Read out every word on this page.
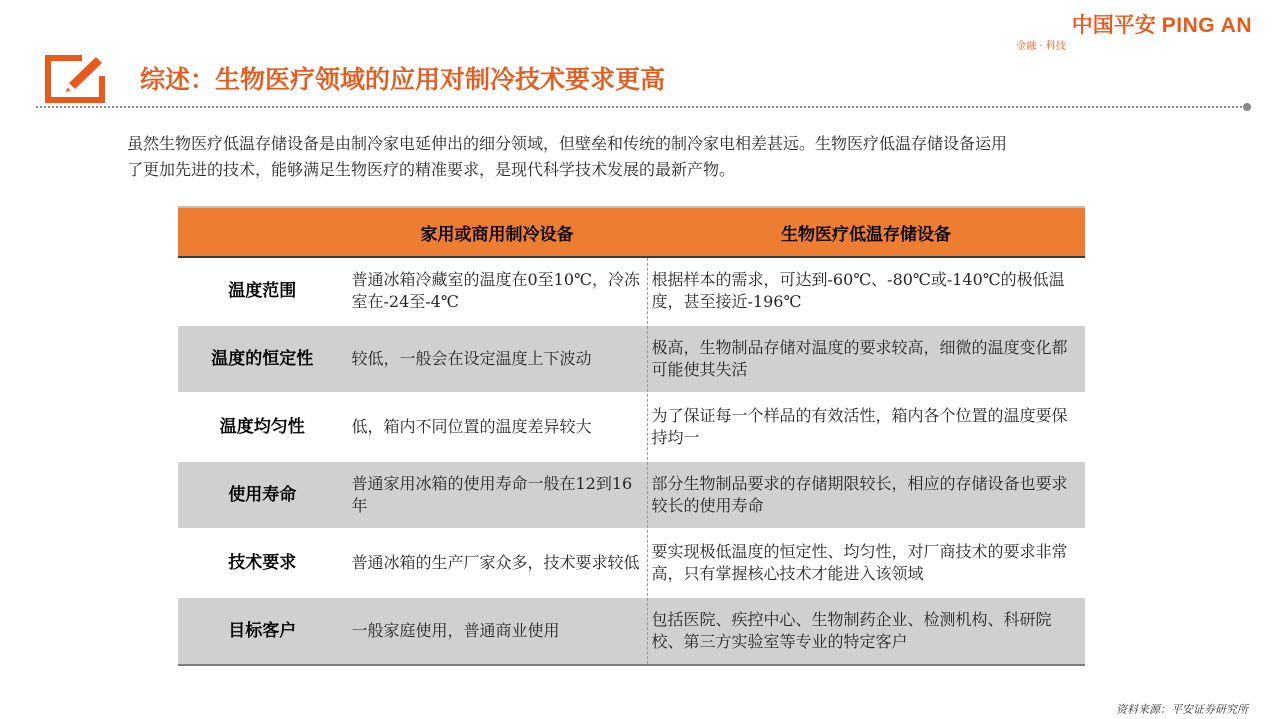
中国平安 PING AN
金融 · 科技
综述：生物医疗领域的应用对制冷技术要求更高

虽然生物医疗低温存储设备是由制冷家电延伸出的细分领域，但壁垒和传统的制冷家电相差甚远。生物医疗低温存储设备运用

了更加先进的技术，能够满足生物医疗的精准要求，是现代科学技术发展的最新产物。

	家用或商用制冷设备	生物医疗低温存储设备
温度范围	普通冰箱冷藏室的温度在0至10℃，冷冻室在-24至-4℃	根据样本的需求，可达到-60℃、-80℃或-140℃的极低温度，甚至接近-196℃
温度的恒定性	较低，一般会在设定温度上下波动	极高，生物制品存储对温度的要求较高，细微的温度变化都可能使其失活
温度均匀性	低，箱内不同位置的温度差异较大	为了保证每一个样品的有效活性，箱内各个位置的温度要保持均一
使用寿命	普通家用冰箱的使用寿命一般在12到16年	部分生物制品要求的存储期限较长，相应的存储设备也要求较长的使用寿命
技术要求	普通冰箱的生产厂家众多，技术要求较低	要实现极低温度的恒定性、均匀性，对厂商技术的要求非常高，只有掌握核心技术才能进入该领域
目标客户	一般家庭使用，普通商业使用	包括医院、疾控中心、生物制药企业、检测机构、科研院校、第三方实验室等专业的特定客户
资料来源：平安证券研究所
